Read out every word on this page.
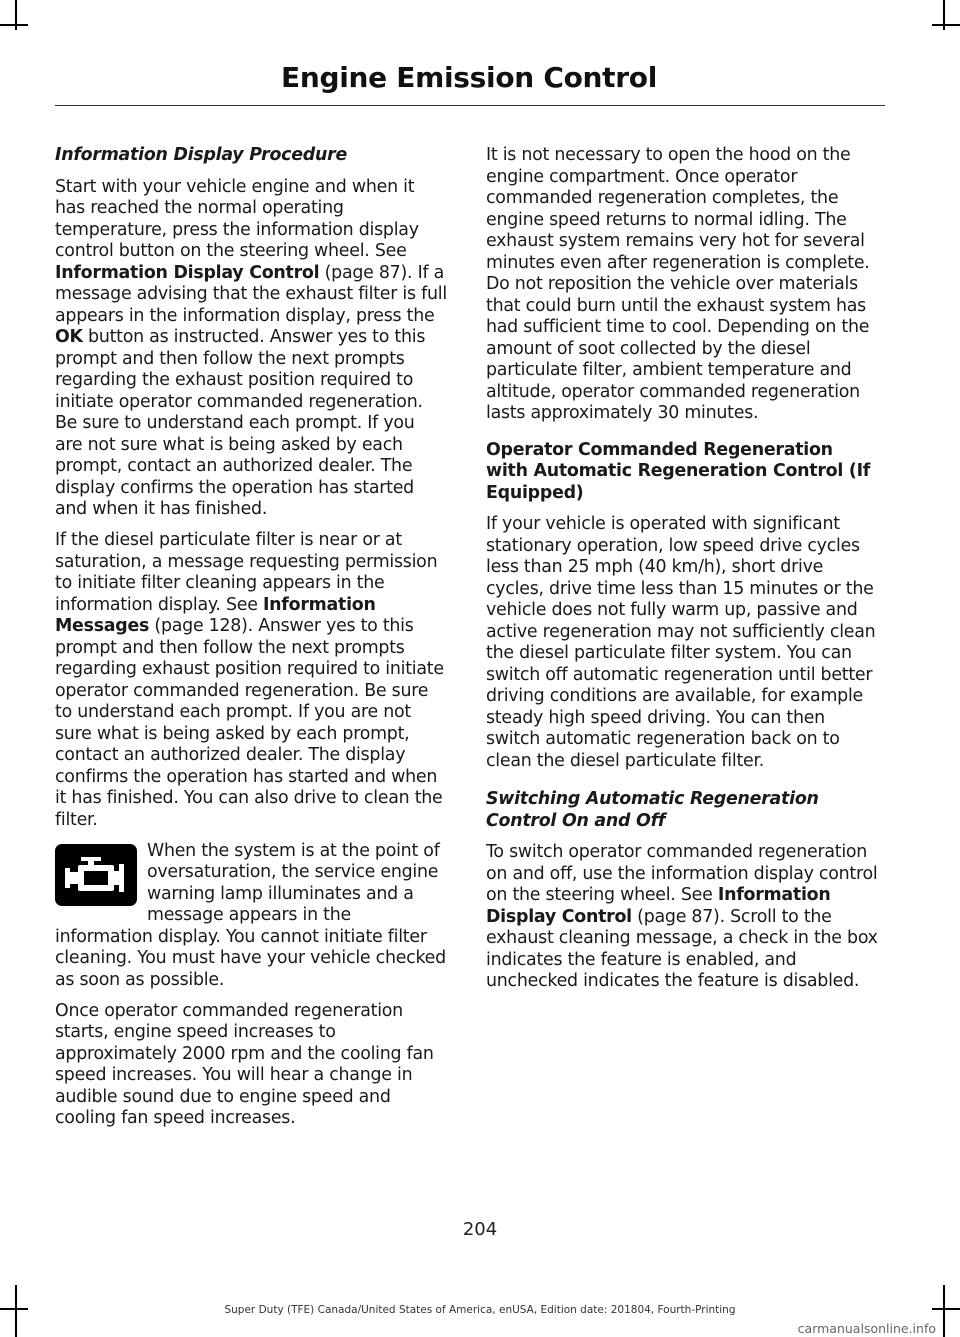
Engine Emission Control
Information Display Procedure

Start with your vehicle engine and when it has reached the normal operating temperature, press the information display control button on the steering wheel. See Information Display Control (page 87). If a message advising that the exhaust filter is full appears in the information display, press the OK button as instructed. Answer yes to this prompt and then follow the next prompts regarding the exhaust position required to initiate operator commanded regeneration. Be sure to understand each prompt. If you are not sure what is being asked by each prompt, contact an authorized dealer. The display confirms the operation has started and when it has finished.

If the diesel particulate filter is near or at saturation, a message requesting permission to initiate filter cleaning appears in the information display. See Information Messages (page 128). Answer yes to this prompt and then follow the next prompts regarding exhaust position required to initiate operator commanded regeneration. Be sure to understand each prompt. If you are not sure what is being asked by each prompt, contact an authorized dealer. The display confirms the operation has started and when it has finished. You can also drive to clean the filter.

When the system is at the point of oversaturation, the service engine warning lamp illuminates and a message appears in the information display. You cannot initiate filter cleaning. You must have your vehicle checked as soon as possible.

Once operator commanded regeneration starts, engine speed increases to approximately 2000 rpm and the cooling fan speed increases. You will hear a change in audible sound due to engine speed and cooling fan speed increases.

It is not necessary to open the hood on the engine compartment. Once operator commanded regeneration completes, the engine speed returns to normal idling. The exhaust system remains very hot for several minutes even after regeneration is complete. Do not reposition the vehicle over materials that could burn until the exhaust system has had sufficient time to cool. Depending on the amount of soot collected by the diesel particulate filter, ambient temperature and altitude, operator commanded regeneration lasts approximately 30 minutes.

Operator Commanded Regeneration with Automatic Regeneration Control (If Equipped)

If your vehicle is operated with significant stationary operation, low speed drive cycles less than 25 mph (40 km/h), short drive cycles, drive time less than 15 minutes or the vehicle does not fully warm up, passive and active regeneration may not sufficiently clean the diesel particulate filter system. You can switch off automatic regeneration until better driving conditions are available, for example steady high speed driving. You can then switch automatic regeneration back on to clean the diesel particulate filter.

Switching Automatic Regeneration Control On and Off

To switch operator commanded regeneration on and off, use the information display control on the steering wheel. See Information Display Control (page 87). Scroll to the exhaust cleaning message, a check in the box indicates the feature is enabled, and unchecked indicates the feature is disabled.

204
Super Duty (TFE) Canada/United States of America, enUSA, Edition date: 201804, Fourth-Printing
carmanualsonline.info
